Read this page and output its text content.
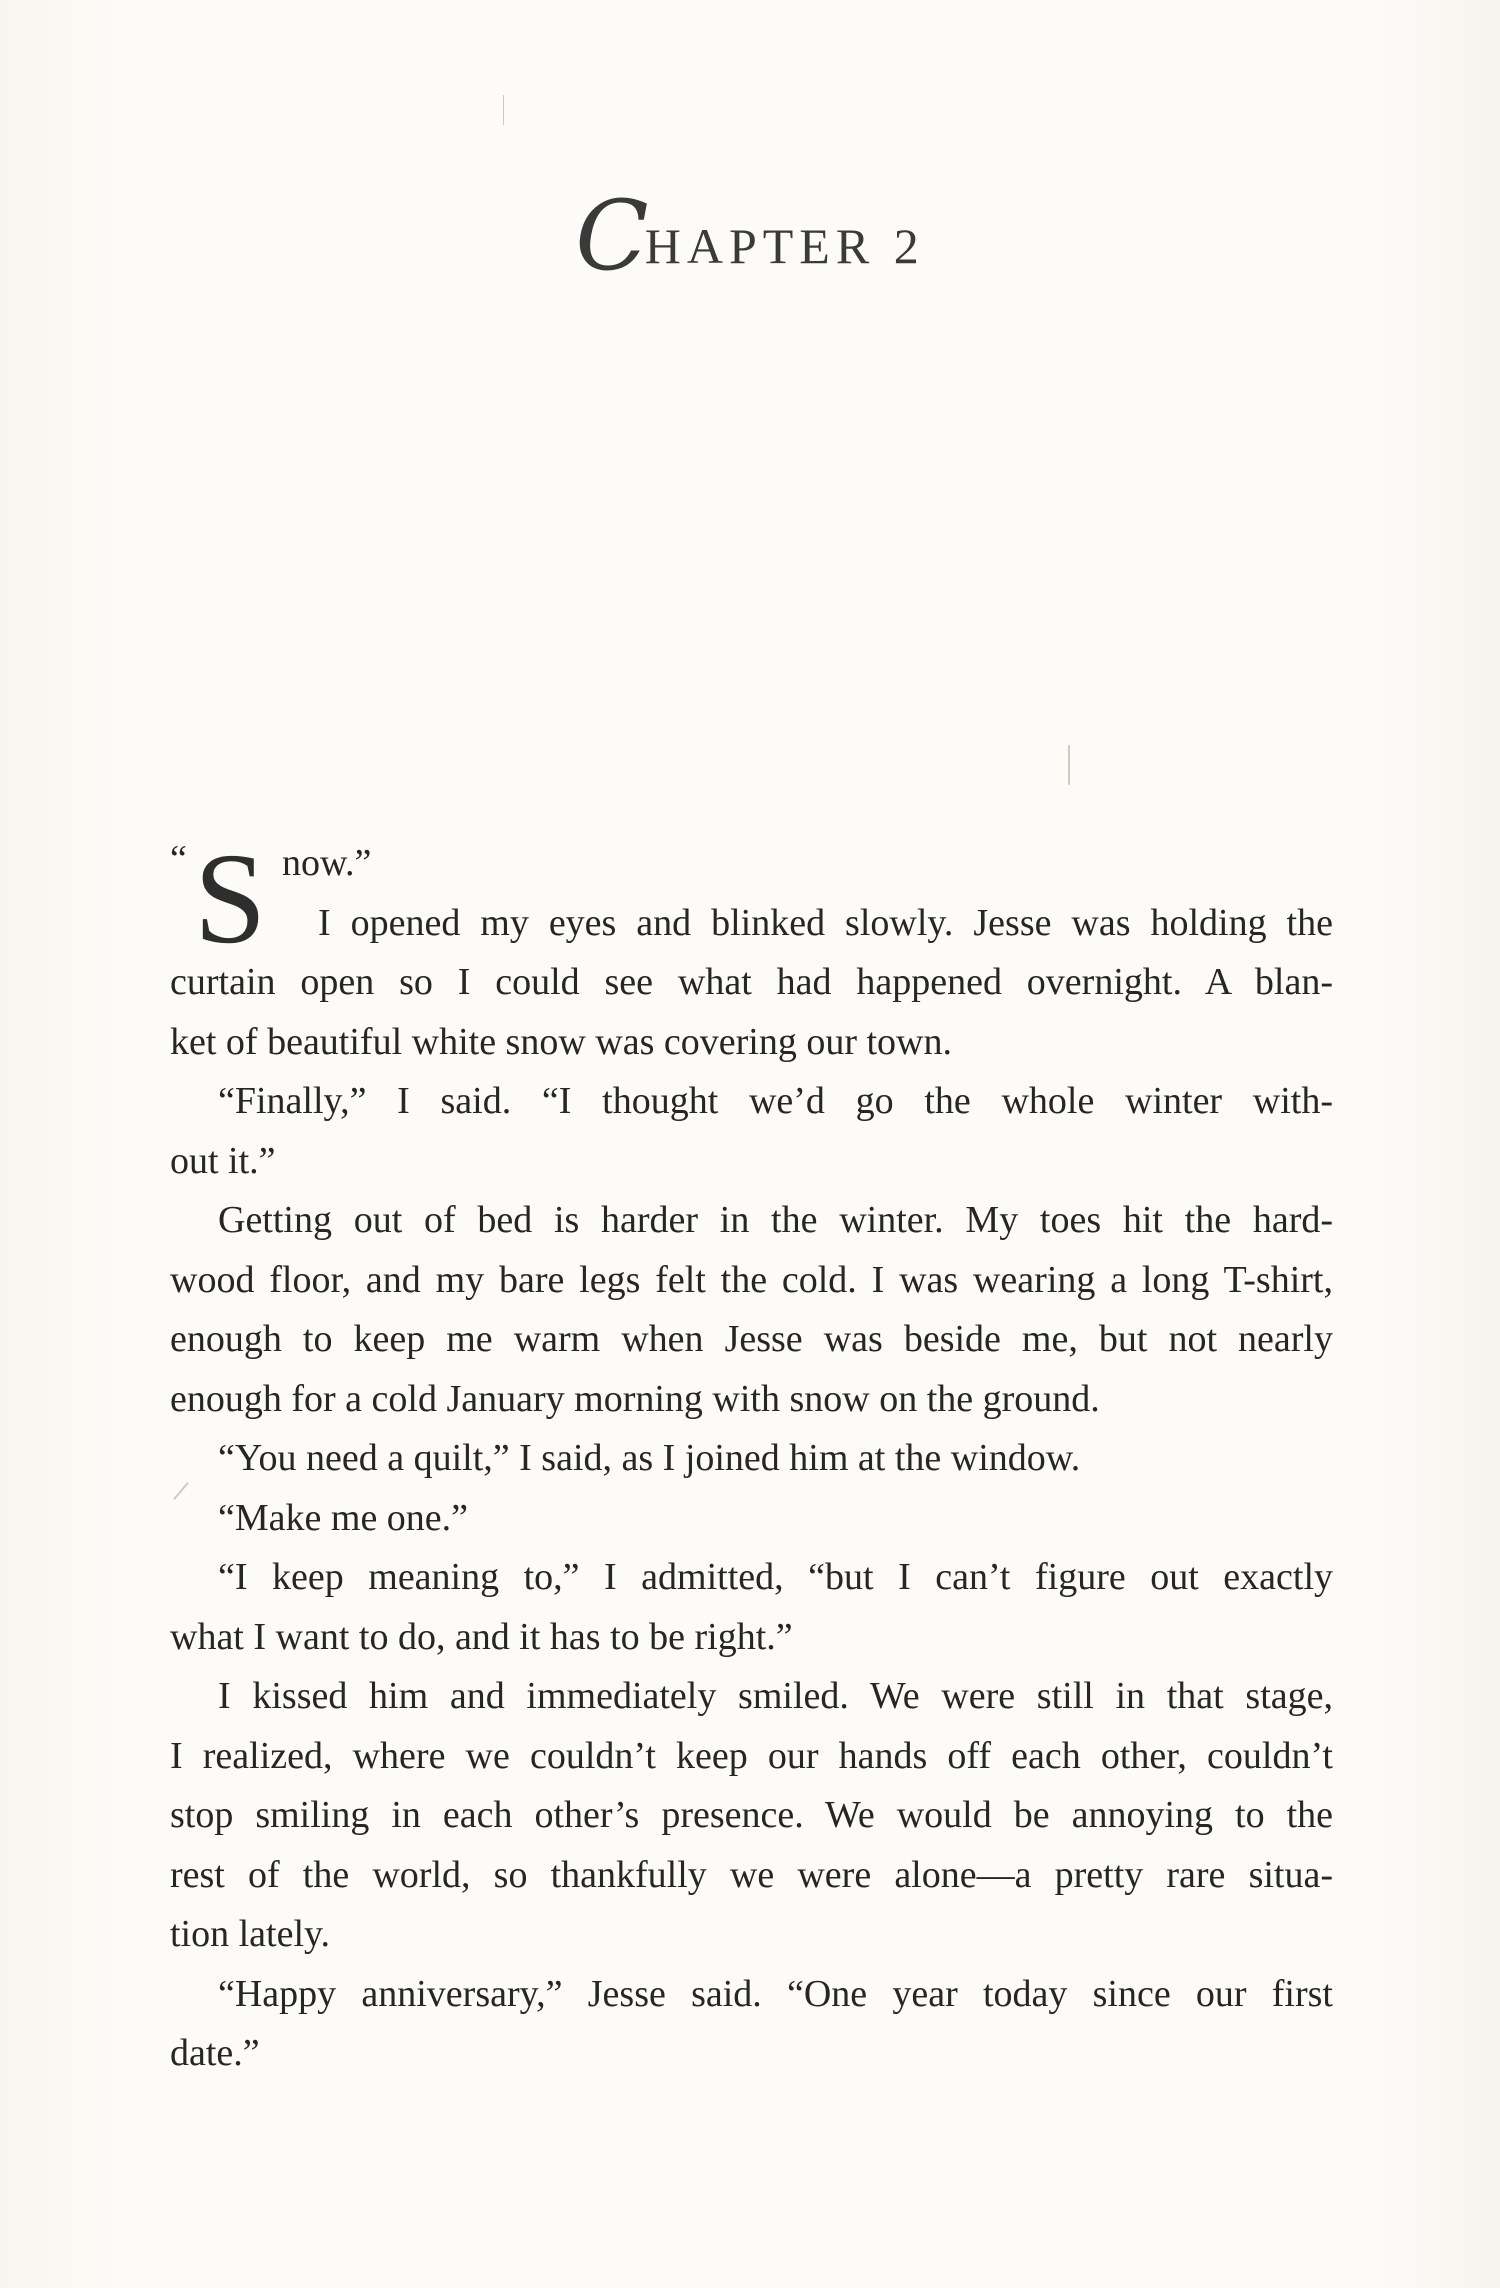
CHAPTER 2
“ S now.”
I opened my eyes and blinked slowly. Jesse was holding the
curtain open so I could see what had happened overnight. A blan-
ket of beautiful white snow was covering our town.
“Finally,” I said. “I thought we’d go the whole winter with-
out it.”
Getting out of bed is harder in the winter. My toes hit the hard-
wood floor, and my bare legs felt the cold. I was wearing a long T-shirt,
enough to keep me warm when Jesse was beside me, but not nearly
enough for a cold January morning with snow on the ground.
“You need a quilt,” I said, as I joined him at the window.
“Make me one.”
“I keep meaning to,” I admitted, “but I can’t figure out exactly
what I want to do, and it has to be right.”
I kissed him and immediately smiled. We were still in that stage,
I realized, where we couldn’t keep our hands off each other, couldn’t
stop smiling in each other’s presence. We would be annoying to the
rest of the world, so thankfully we were alone—a pretty rare situa-
tion lately.
“Happy anniversary,” Jesse said. “One year today since our first
date.”
